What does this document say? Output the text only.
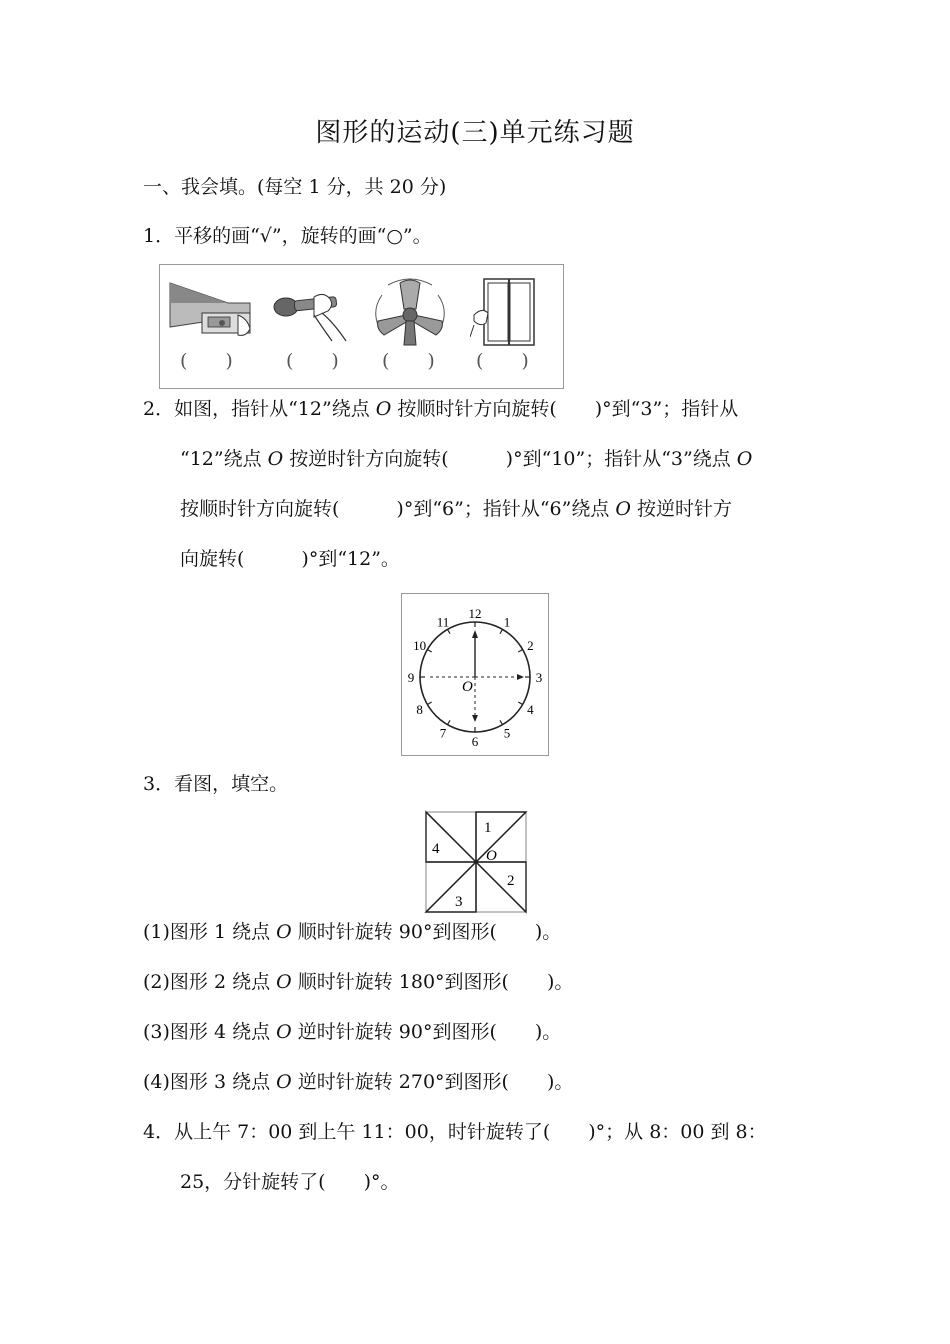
图形的运动(三)单元练习题
一、我会填。(每空 1 分，共 20 分)
1．平移的画“√”，旋转的画“○”。
(　　)	(　　) (　　) (　　)
2．如图，指针从“12”绕点 O 按顺时针方向旋转(　　)°到“3”；指针从
“12”绕点 O 按逆时针方向旋转(　　　)°到“10”；指针从“3”绕点 O
按顺时针方向旋转(　　　)°到“6”；指针从“6”绕点 O 按逆时针方
向旋转(　　　)°到“12”。
O
12
1
2
3
4
5
6
7
8
9
10
11
3．看图，填空。
1
2
3
4	O
(1)图形 1 绕点 O 顺时针旋转 90°到图形(　　)。
(2)图形 2 绕点 O 顺时针旋转 180°到图形(　　)。
(3)图形 4 绕点 O 逆时针旋转 90°到图形(　　)。
(4)图形 3 绕点 O 逆时针旋转 270°到图形(　　)。
4．从上午 7：00 到上午 11：00，时针旋转了(　　)°；从 8：00 到 8：
25，分针旋转了(　　)°。
